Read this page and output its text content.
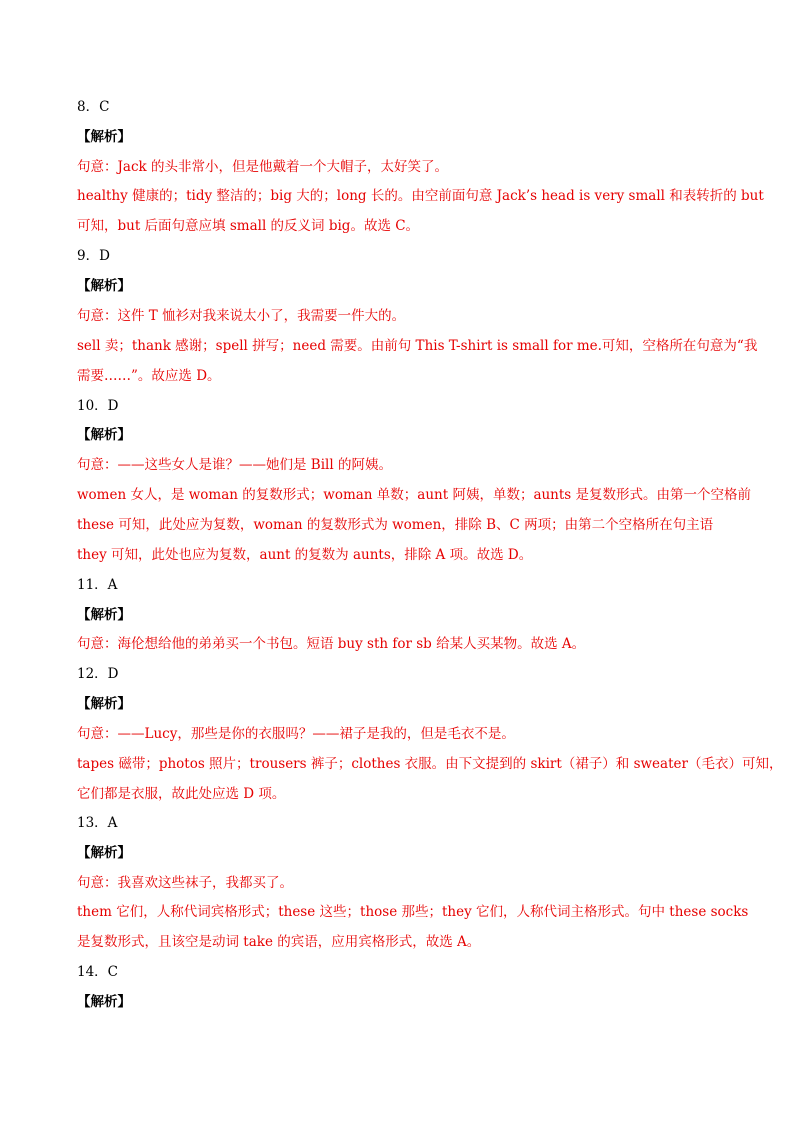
8．C
【解析】
句意：Jack 的头非常小，但是他戴着一个大帽子，太好笑了。
healthy 健康的；tidy 整洁的；big 大的；long 长的。由空前面句意 Jack’s head is very small 和表转折的 but
可知，but 后面句意应填 small 的反义词 big。故选 C。
9．D
【解析】
句意：这件 T 恤衫对我来说太小了，我需要一件大的。
sell 卖；thank 感谢；spell 拼写；need 需要。由前句 This T-shirt is small for me.可知，空格所在句意为“我
需要……”。故应选 D。
10．D
【解析】
句意：——这些女人是谁？——她们是 Bill 的阿姨。
women 女人，是 woman 的复数形式；woman 单数；aunt 阿姨，单数；aunts 是复数形式。由第一个空格前
these 可知，此处应为复数，woman 的复数形式为 women，排除 B、C 两项；由第二个空格所在句主语
they 可知，此处也应为复数，aunt 的复数为 aunts，排除 A 项。故选 D。
11．A
【解析】
句意：海伦想给他的弟弟买一个书包。短语 buy sth for sb 给某人买某物。故选 A。
12．D
【解析】
句意：——Lucy，那些是你的衣服吗？——裙子是我的，但是毛衣不是。
tapes 磁带；photos 照片；trousers 裤子；clothes 衣服。由下文提到的 skirt（裙子）和 sweater（毛衣）可知，
它们都是衣服，故此处应选 D 项。
13．A
【解析】
句意：我喜欢这些袜子，我都买了。
them 它们，人称代词宾格形式；these 这些；those 那些；they 它们，人称代词主格形式。句中 these socks
是复数形式，且该空是动词 take 的宾语，应用宾格形式，故选 A。
14．C
【解析】
